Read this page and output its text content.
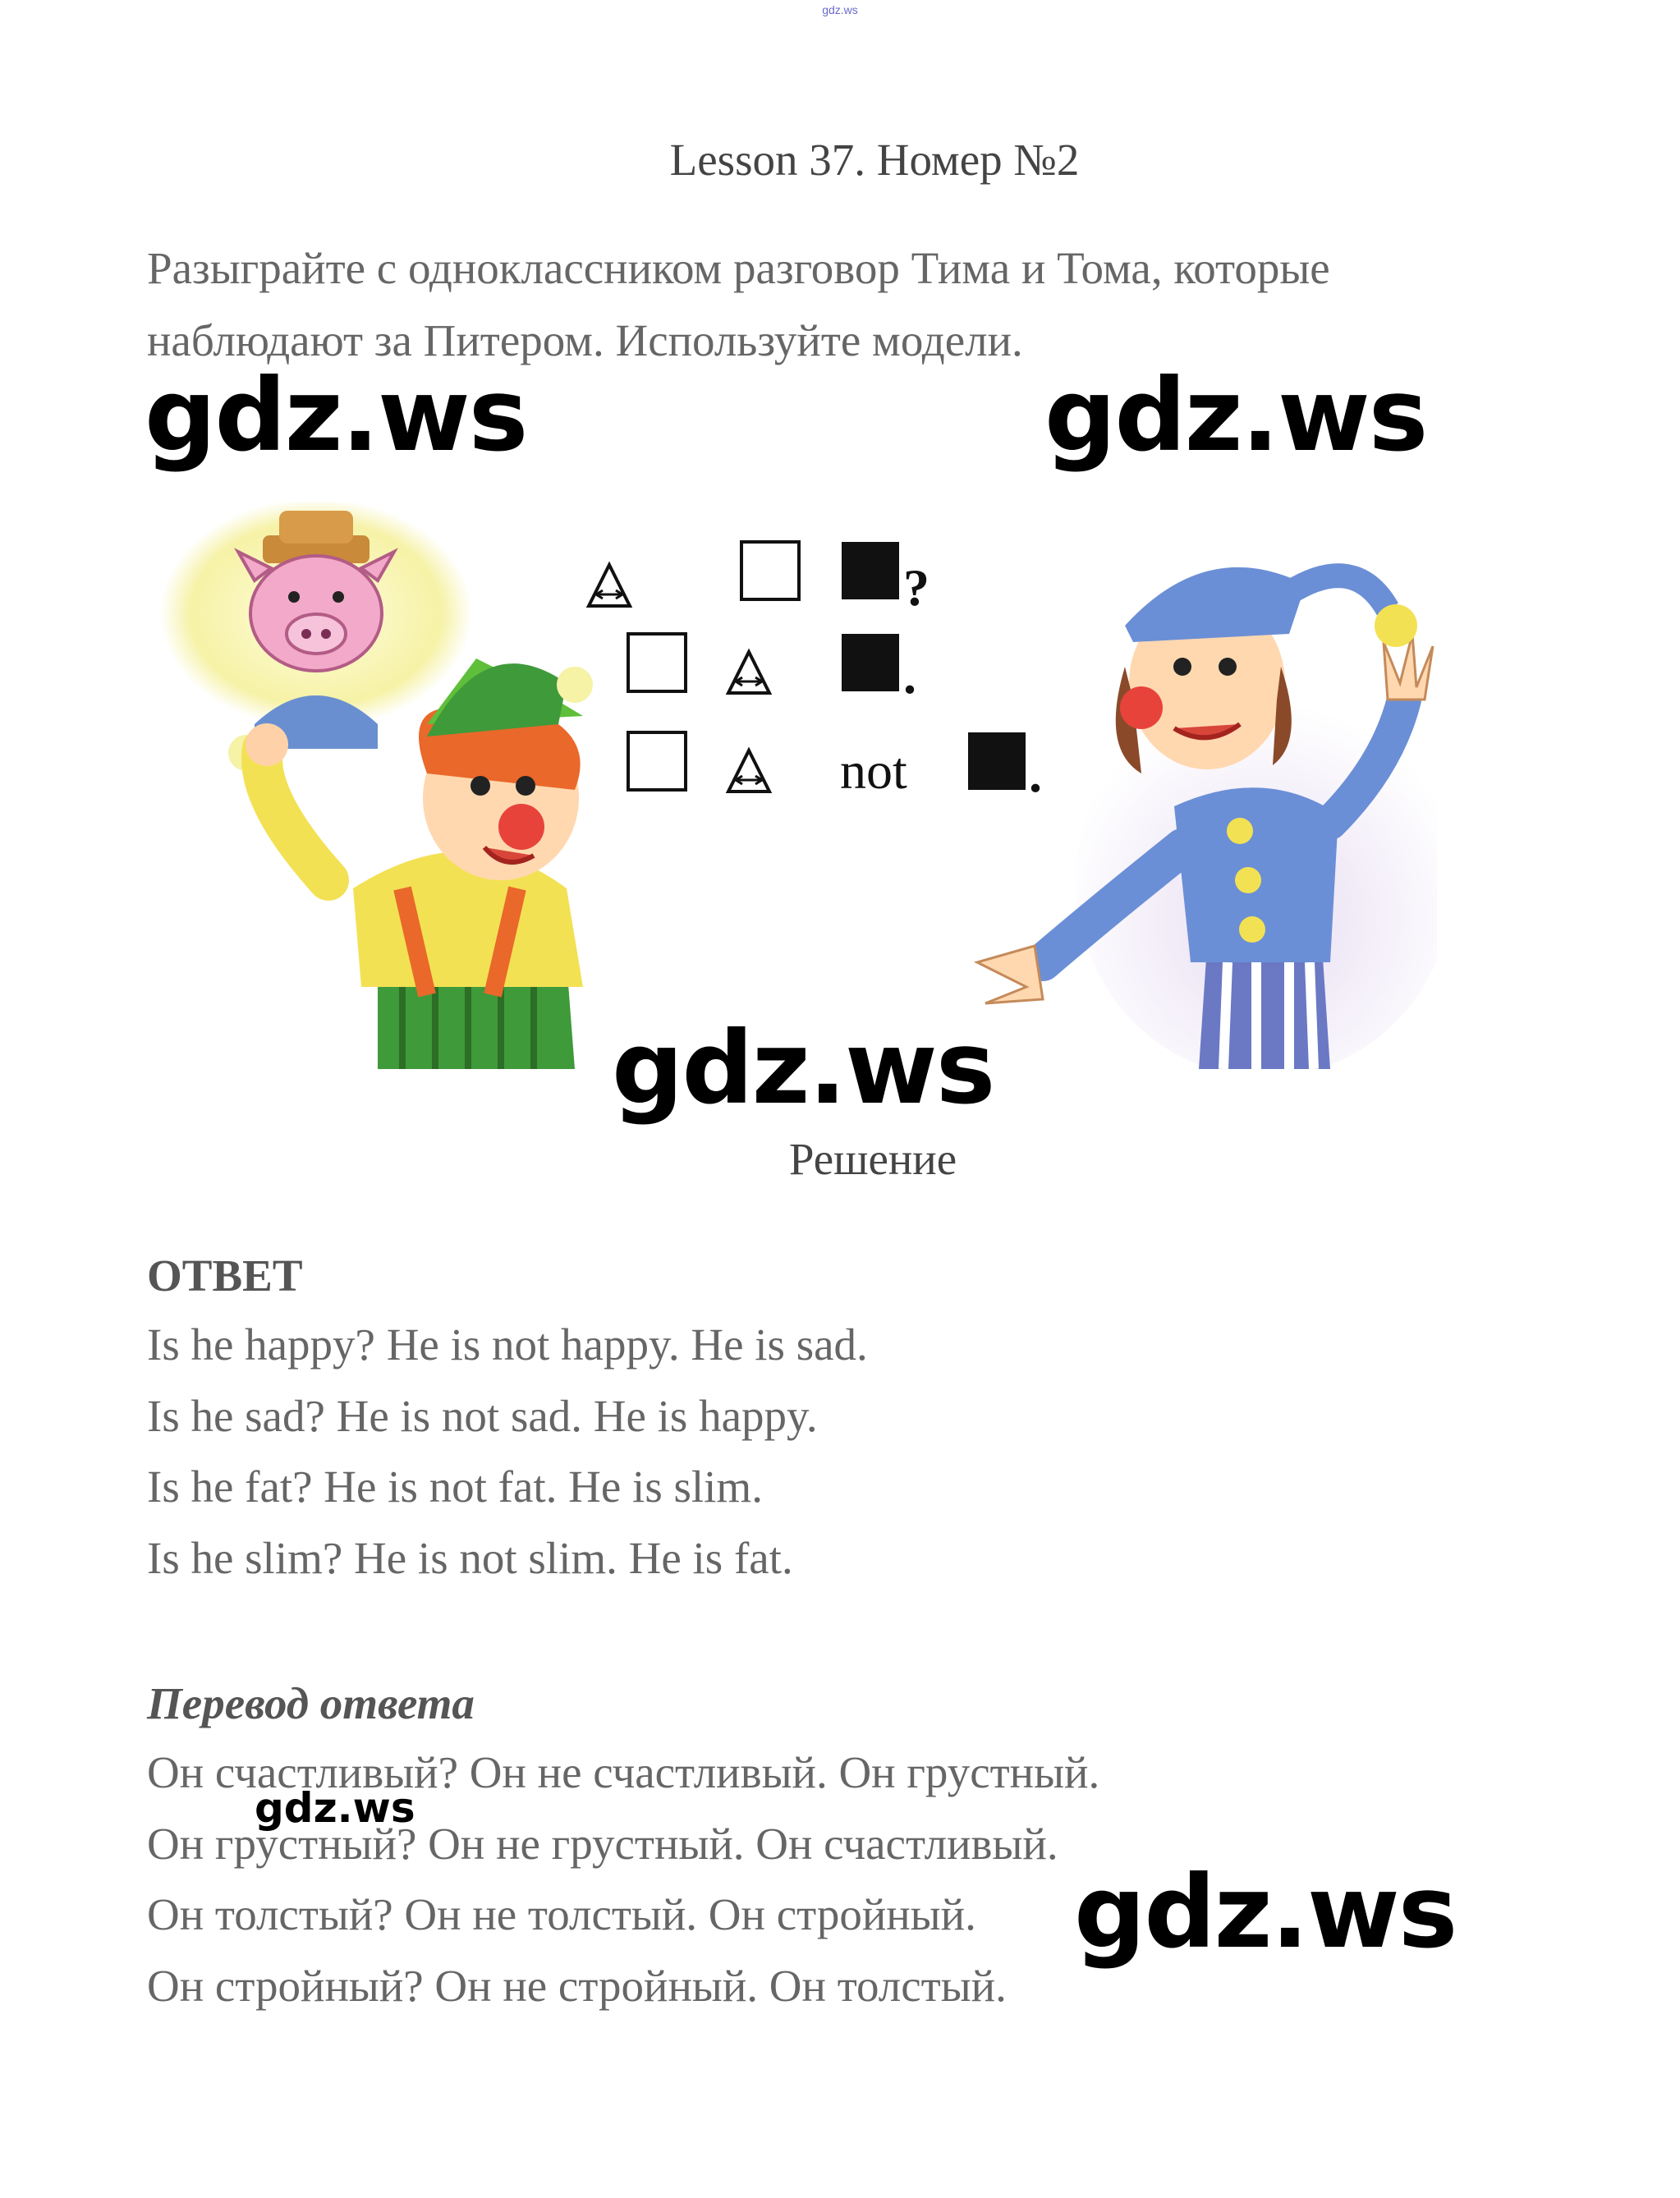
gdz.ws
Lesson 37. Номер №2
Разыграйте с одноклассником разговор Тима и Тома, которые
наблюдают за Питером. Используйте модели.
gdz.ws	gdz.ws
?
.
not .
gdz.ws
Решение
ОТВЕТ
Is he happy? He is not happy. He is sad.
Is he sad? He is not sad. He is happy.
Is he fat? He is not fat. He is slim.
Is he slim? He is not slim. He is fat.
Перевод ответа
Он счастливый? Он не счастливый. Он грустный.
Он грустный? Он не грустный. Он счастливый.
Он толстый? Он не толстый. Он стройный.
Он стройный? Он не стройный. Он толстый.
gdz.ws
gdz.ws
